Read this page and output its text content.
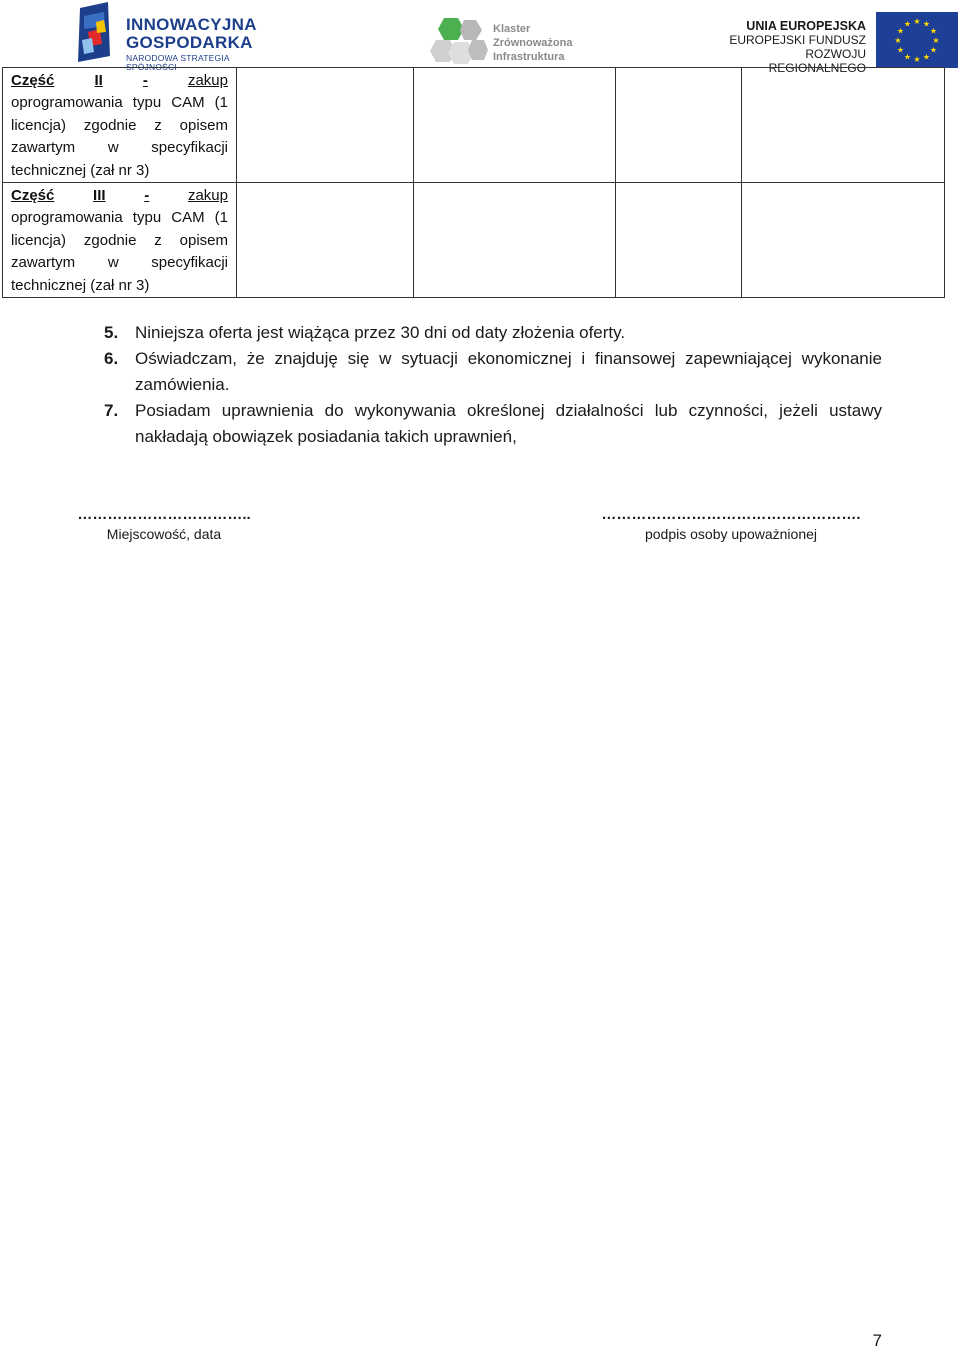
INNOWACYJNA
GOSPODARKA
NARODOWA STRATEGIA SPÓJNOŚCI
Klaster
Zrównoważona
Infrastruktura
UNIA EUROPEJSKA
EUROPEJSKI FUNDUSZ
ROZWOJU REGIONALNEGO
★ ★
★
★
★
★
★
★
★
★
★
★
Część II - zakup
oprogramowania typu CAM (1 licencja) zgodnie z opisem zawartym w specyfikacji technicznej (zał nr 3)				

Część III - zakup
oprogramowania typu CAM (1 licencja) zgodnie z opisem zawartym w specyfikacji technicznej (zał nr 3)				

5. Niniejsza oferta jest wiążąca przez 30 dni od daty złożenia oferty.
6. Oświadczam, że znajduję się w sytuacji ekonomicznej i finansowej zapewniającej wykonanie zamówienia.
7. Posiadam uprawnienia do wykonywania określonej działalności lub czynności, jeżeli ustawy nakładają obowiązek posiadania takich uprawnień,
……………………………..
Miejscowość, data
…………………………………………….
podpis osoby upoważnionej
7
